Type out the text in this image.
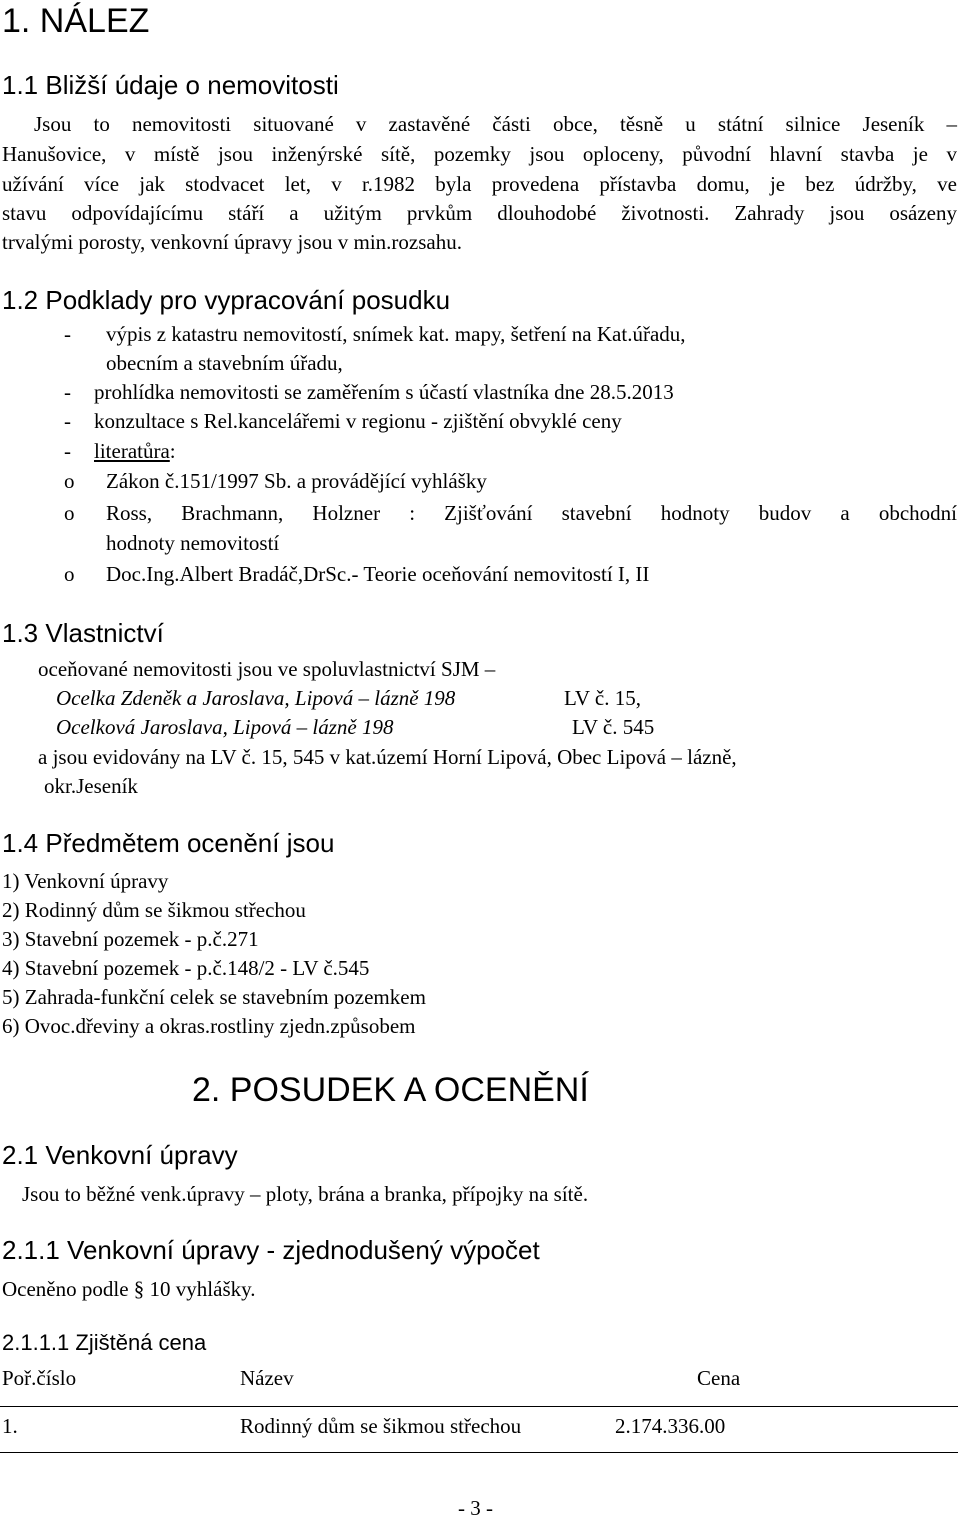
1. NÁLEZ
1.1 Bližší údaje o nemovitosti
Jsou to nemovitosti situované v zastavěné části obce, těsně u státní silnice Jeseník –
Hanušovice, v místě jsou inženýrské sítě, pozemky jsou oploceny, původní hlavní stavba je v
užívání více jak stodvacet let, v r.1982 byla provedena přístavba domu, je bez údržby, ve
stavu odpovídajícímu stáří a užitým prvkům dlouhodobé životnosti. Zahrady jsou osázeny
trvalými porosty, venkovní úpravy jsou v min.rozsahu.
1.2 Podklady pro vypracování posudku
- výpis z katastru nemovitostí, snímek kat. mapy, šetření na Kat.úřadu,
obecním a stavebním úřadu,
- prohlídka nemovitosti se zaměřením s účastí vlastníka dne 28.5.2013
- konzultace s Rel.kancelářemi v regionu - zjištění obvyklé ceny
- literatůra:
o Zákon č.151/1997 Sb. a provádějící vyhlášky
o Ross, Brachmann, Holzner : Zjišťování stavební hodnoty budov a obchodní
hodnoty nemovitostí
o Doc.Ing.Albert Bradáč,DrSc.- Teorie oceňování nemovitostí I, II
1.3 Vlastnictví
oceňované nemovitosti jsou ve spoluvlastnictví SJM –
Ocelka Zdeněk a Jaroslava, Lipová – lázně 198	LV č. 15,
Ocelková Jaroslava, Lipová – lázně 198	LV č. 545
a jsou evidovány na LV č. 15, 545 v kat.území Horní Lipová, Obec Lipová – lázně,
okr.Jeseník
1.4 Předmětem ocenění jsou
1) Venkovní úpravy
2) Rodinný dům se šikmou střechou
3) Stavební pozemek - p.č.271
4) Stavební pozemek - p.č.148/2 - LV č.545
5) Zahrada-funkční celek se stavebním pozemkem
6) Ovoc.dřeviny a okras.rostliny zjedn.způsobem
2. POSUDEK A OCENĚNÍ
2.1 Venkovní úpravy
Jsou to běžné venk.úpravy – ploty, brána a branka, přípojky na sítě.
2.1.1 Venkovní úpravy - zjednodušený výpočet
Oceněno podle § 10 vyhlášky.
2.1.1.1 Zjištěná cena
Poř.číslo	Název	Cena
1.	Rodinný dům se šikmou střechou	2.174.336.00
- 3 -
